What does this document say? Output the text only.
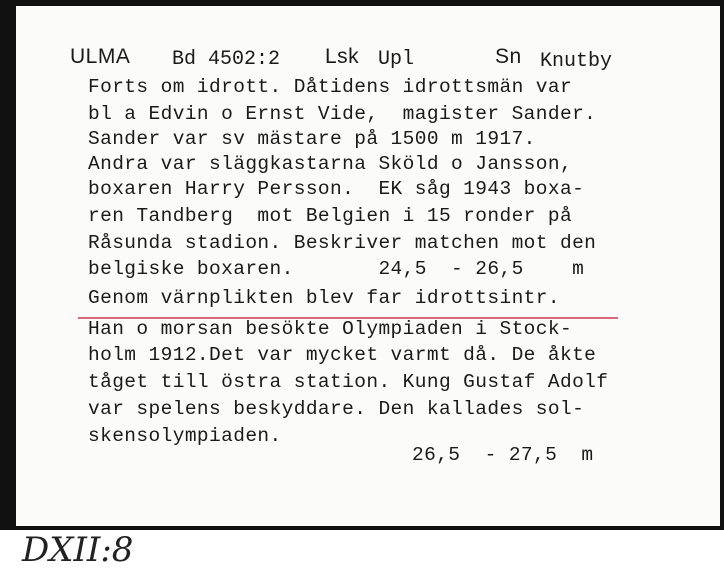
ULMA Bd 4502:2 Lsk Upl	Sn Knutby
Forts om idrott. Dåtidens idrottsmän var
bl a Edvin o Ernst Vide,  magister Sander.
Sander var sv mästare på 1500 m 1917.
Andra var släggkastarna Sköld o Jansson,
boxaren Harry Persson.  EK såg 1943 boxa-
ren Tandberg  mot Belgien i 15 ronder på
Råsunda stadion. Beskriver matchen mot den
belgiske boxaren.       24,5  - 26,5    m
Genom värnplikten blev far idrottsintr.
Han o morsan besökte Olympiaden i Stock-
holm 1912.Det var mycket varmt då. De åkte
tåget till östra station. Kung Gustaf Adolf
var spelens beskyddare. Den kallades sol-
skensolympiaden.
26,5  - 27,5  m
DXII:8
